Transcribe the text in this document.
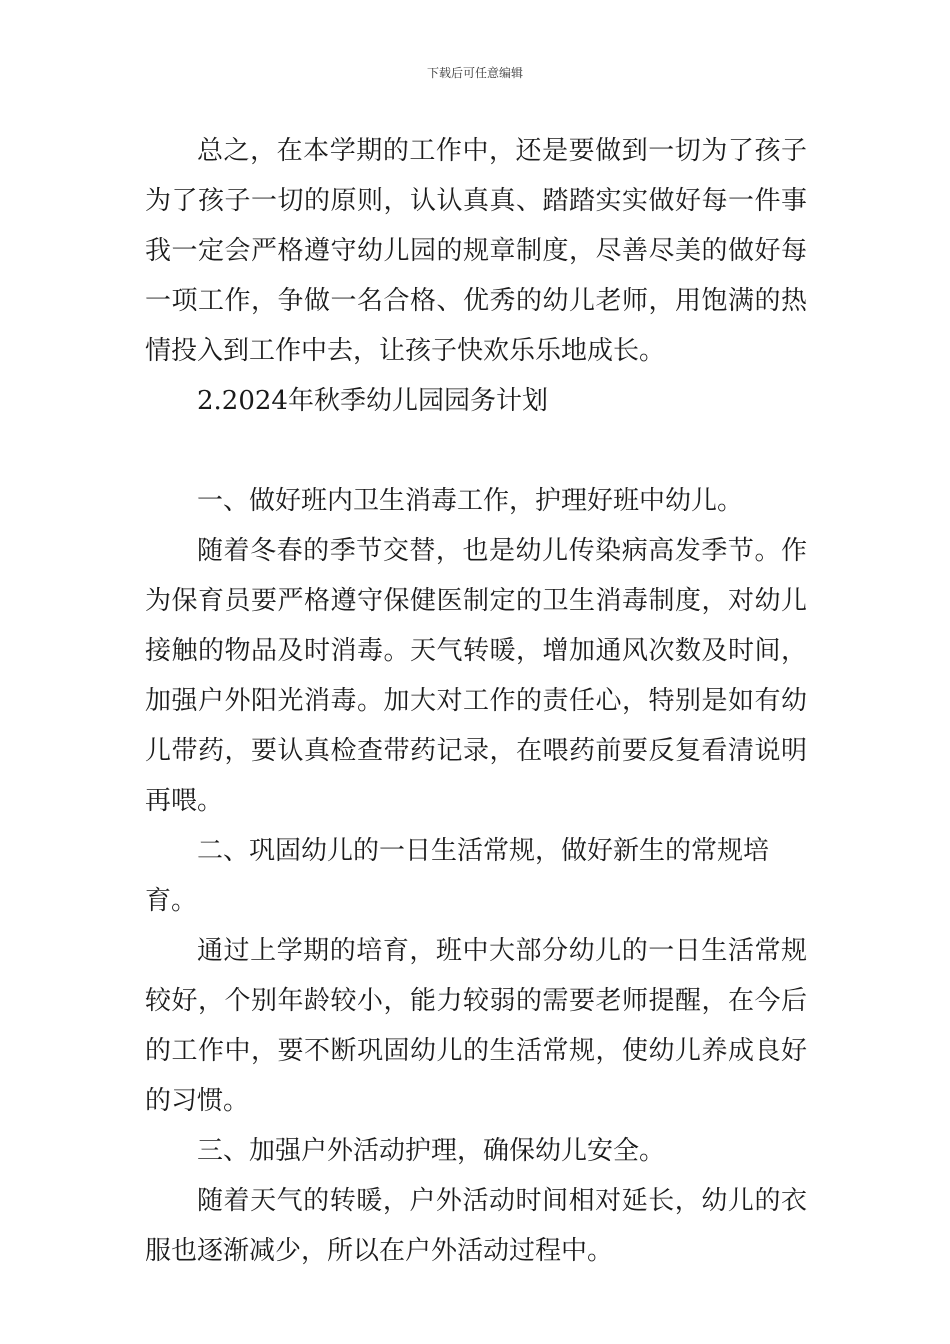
下载后可任意编辑

总之，在本学期的工作中，还是要做到一切为了孩子为了孩子一切的原则，认认真真、踏踏实实做好每一件事我一定会严格遵守幼儿园的规章制度，尽善尽美的做好每一项工作，争做一名合格、优秀的幼儿老师，用饱满的热情投入到工作中去，让孩子快欢乐乐地成长。

2.2024年秋季幼儿园园务计划

一、做好班内卫生消毒工作，护理好班中幼儿。

随着冬春的季节交替，也是幼儿传染病高发季节。作为保育员要严格遵守保健医制定的卫生消毒制度，对幼儿接触的物品及时消毒。天气转暖，增加通风次数及时间，加强户外阳光消毒。加大对工作的责任心，特别是如有幼儿带药，要认真检查带药记录，在喂药前要反复看清说明再喂。

二、巩固幼儿的一日生活常规，做好新生的常规培育。

通过上学期的培育，班中大部分幼儿的一日生活常规较好，个别年龄较小，能力较弱的需要老师提醒，在今后的工作中，要不断巩固幼儿的生活常规，使幼儿养成良好的习惯。

三、加强户外活动护理，确保幼儿安全。

随着天气的转暖，户外活动时间相对延长，幼儿的衣服也逐渐减少，所以在户外活动过程中。
